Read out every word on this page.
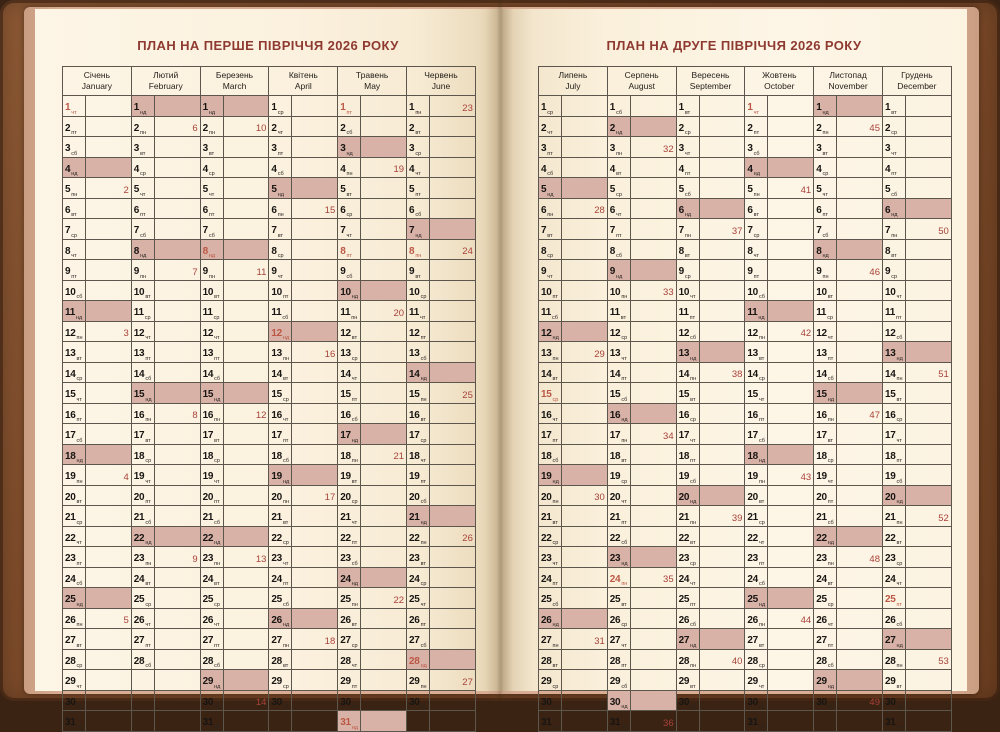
ПЛАН НА ПЕРШЕ ПІВРІЧЧЯ 2026 РОКУ
Січень
January

Лютий
February

Березень
March

Квітень
April

Травень
May

Червень
June

$1_{чт}$		$1_{нд}$		$1_{нд}$		$1_{ср}$		$1_{пт}$		$1_{пн}$	23
$2_{пт}$		$2_{пн}$	6	$2_{пн}$	10	$2_{чт}$		$2_{сб}$		$2_{вт}$	
$3_{сб}$		$3_{вт}$		$3_{вт}$		$3_{пт}$		$3_{нд}$		$3_{ср}$	
$4_{нд}$		$4_{ср}$		$4_{ср}$		$4_{сб}$		$4_{пн}$	19	$4_{чт}$	
$5_{пн}$	2	$5_{чт}$		$5_{чт}$		$5_{нд}$		$5_{вт}$		$5_{пт}$	
$6_{вт}$		$6_{пт}$		$6_{пт}$		$6_{пн}$	15	$6_{ср}$		$6_{сб}$	
$7_{ср}$		$7_{сб}$		$7_{сб}$		$7_{вт}$		$7_{чт}$		$7_{нд}$	
$8_{чт}$		$8_{нд}$		$8_{нд}$		$8_{ср}$		$8_{пт}$		$8_{пн}$	24
$9_{пт}$		$9_{пн}$	7	$9_{пн}$	11	$9_{чт}$		$9_{сб}$		$9_{вт}$	
$10_{сб}$		$10_{вт}$		$10_{вт}$		$10_{пт}$		$10_{нд}$		$10_{ср}$	
$11_{нд}$		$11_{ср}$		$11_{ср}$		$11_{сб}$		$11_{пн}$	20	$11_{чт}$	
$12_{пн}$	3	$12_{чт}$		$12_{чт}$		$12_{нд}$		$12_{вт}$		$12_{пт}$	
$13_{вт}$		$13_{пт}$		$13_{пт}$		$13_{пн}$	16	$13_{ср}$		$13_{сб}$	
$14_{ср}$		$14_{сб}$		$14_{сб}$		$14_{вт}$		$14_{чт}$		$14_{нд}$	
$15_{чт}$		$15_{нд}$		$15_{нд}$		$15_{ср}$		$15_{пт}$		$15_{пн}$	25
$16_{пт}$		$16_{пн}$	8	$16_{пн}$	12	$16_{чт}$		$16_{сб}$		$16_{вт}$	
$17_{сб}$		$17_{вт}$		$17_{вт}$		$17_{пт}$		$17_{нд}$		$17_{ср}$	
$18_{нд}$		$18_{ср}$		$18_{ср}$		$18_{сб}$		$18_{пн}$	21	$18_{чт}$	
$19_{пн}$	4	$19_{чт}$		$19_{чт}$		$19_{нд}$		$19_{вт}$		$19_{пт}$	
$20_{вт}$		$20_{пт}$		$20_{пт}$		$20_{пн}$	17	$20_{ср}$		$20_{сб}$	
$21_{ср}$		$21_{сб}$		$21_{сб}$		$21_{вт}$		$21_{чт}$		$21_{нд}$	
$22_{чт}$		$22_{нд}$		$22_{нд}$		$22_{ср}$		$22_{пт}$		$22_{пн}$	26
$23_{пт}$		$23_{пн}$	9	$23_{пн}$	13	$23_{чт}$		$23_{сб}$		$23_{вт}$	
$24_{сб}$		$24_{вт}$		$24_{вт}$		$24_{пт}$		$24_{нд}$		$24_{ср}$	
$25_{нд}$		$25_{ср}$		$25_{ср}$		$25_{сб}$		$25_{пн}$	22	$25_{чт}$	
$26_{пн}$	5	$26_{чт}$		$26_{чт}$		$26_{нд}$		$26_{вт}$		$26_{пт}$	
$27_{вт}$		$27_{пт}$		$27_{пт}$		$27_{пн}$	18	$27_{ср}$		$27_{сб}$	
$28_{ср}$		$28_{сб}$		$28_{сб}$		$28_{вт}$		$28_{чт}$		$28_{нд}$	
$29_{чт}$				$29_{нд}$		$29_{ср}$		$29_{пт}$		$29_{пн}$	27
$30_{пт}$				$30_{пн}$	14	$30_{чт}$		$30_{сб}$		$30_{вт}$	
$31_{сб}$				$31_{вт}$				$31_{нд}$			
ПЛАН НА ДРУГЕ ПІВРІЧЧЯ 2026 РОКУ
Липень
July

Серпень
August

Вересень
September

Жовтень
October

Листопад
November

Грудень
December

$1_{ср}$		$1_{сб}$		$1_{вт}$		$1_{чт}$		$1_{нд}$		$1_{вт}$	
$2_{чт}$		$2_{нд}$		$2_{ср}$		$2_{пт}$		$2_{пн}$	45	$2_{ср}$	
$3_{пт}$		$3_{пн}$	32	$3_{чт}$		$3_{сб}$		$3_{вт}$		$3_{чт}$	
$4_{сб}$		$4_{вт}$		$4_{пт}$		$4_{нд}$		$4_{ср}$		$4_{пт}$	
$5_{нд}$		$5_{ср}$		$5_{сб}$		$5_{пн}$	41	$5_{чт}$		$5_{сб}$	
$6_{пн}$	28	$6_{чт}$		$6_{нд}$		$6_{вт}$		$6_{пт}$		$6_{нд}$	
$7_{вт}$		$7_{пт}$		$7_{пн}$	37	$7_{ср}$		$7_{сб}$		$7_{пн}$	50
$8_{ср}$		$8_{сб}$		$8_{вт}$		$8_{чт}$		$8_{нд}$		$8_{вт}$	
$9_{чт}$		$9_{нд}$		$9_{ср}$		$9_{пт}$		$9_{пн}$	46	$9_{ср}$	
$10_{пт}$		$10_{пн}$	33	$10_{чт}$		$10_{сб}$		$10_{вт}$		$10_{чт}$	
$11_{сб}$		$11_{вт}$		$11_{пт}$		$11_{нд}$		$11_{ср}$		$11_{пт}$	
$12_{нд}$		$12_{ср}$		$12_{сб}$		$12_{пн}$	42	$12_{чт}$		$12_{сб}$	
$13_{пн}$	29	$13_{чт}$		$13_{нд}$		$13_{вт}$		$13_{пт}$		$13_{нд}$	
$14_{вт}$		$14_{пт}$		$14_{пн}$	38	$14_{ср}$		$14_{сб}$		$14_{пн}$	51
$15_{ср}$		$15_{сб}$		$15_{вт}$		$15_{чт}$		$15_{нд}$		$15_{вт}$	
$16_{чт}$		$16_{нд}$		$16_{ср}$		$16_{пт}$		$16_{пн}$	47	$16_{ср}$	
$17_{пт}$		$17_{пн}$	34	$17_{чт}$		$17_{сб}$		$17_{вт}$		$17_{чт}$	
$18_{сб}$		$18_{вт}$		$18_{пт}$		$18_{нд}$		$18_{ср}$		$18_{пт}$	
$19_{нд}$		$19_{ср}$		$19_{сб}$		$19_{пн}$	43	$19_{чт}$		$19_{сб}$	
$20_{пн}$	30	$20_{чт}$		$20_{нд}$		$20_{вт}$		$20_{пт}$		$20_{нд}$	
$21_{вт}$		$21_{пт}$		$21_{пн}$	39	$21_{ср}$		$21_{сб}$		$21_{пн}$	52
$22_{ср}$		$22_{сб}$		$22_{вт}$		$22_{чт}$		$22_{нд}$		$22_{вт}$	
$23_{чт}$		$23_{нд}$		$23_{ср}$		$23_{пт}$		$23_{пн}$	48	$23_{ср}$	
$24_{пт}$		$24_{пн}$	35	$24_{чт}$		$24_{сб}$		$24_{вт}$		$24_{чт}$	
$25_{сб}$		$25_{вт}$		$25_{пт}$		$25_{нд}$		$25_{ср}$		$25_{пт}$	
$26_{нд}$		$26_{ср}$		$26_{сб}$		$26_{пн}$	44	$26_{чт}$		$26_{сб}$	
$27_{пн}$	31	$27_{чт}$		$27_{нд}$		$27_{вт}$		$27_{пт}$		$27_{нд}$	
$28_{вт}$		$28_{пт}$		$28_{пн}$	40	$28_{ср}$		$28_{сб}$		$28_{пн}$	53
$29_{ср}$		$29_{сб}$		$29_{вт}$		$29_{чт}$		$29_{нд}$		$29_{вт}$	
$30_{чт}$		$30_{нд}$		$30_{ср}$		$30_{пт}$		$30_{пн}$	49	$30_{ср}$	
$31_{пт}$		$31_{пн}$	36			$31_{сб}$				$31_{чт}$	
